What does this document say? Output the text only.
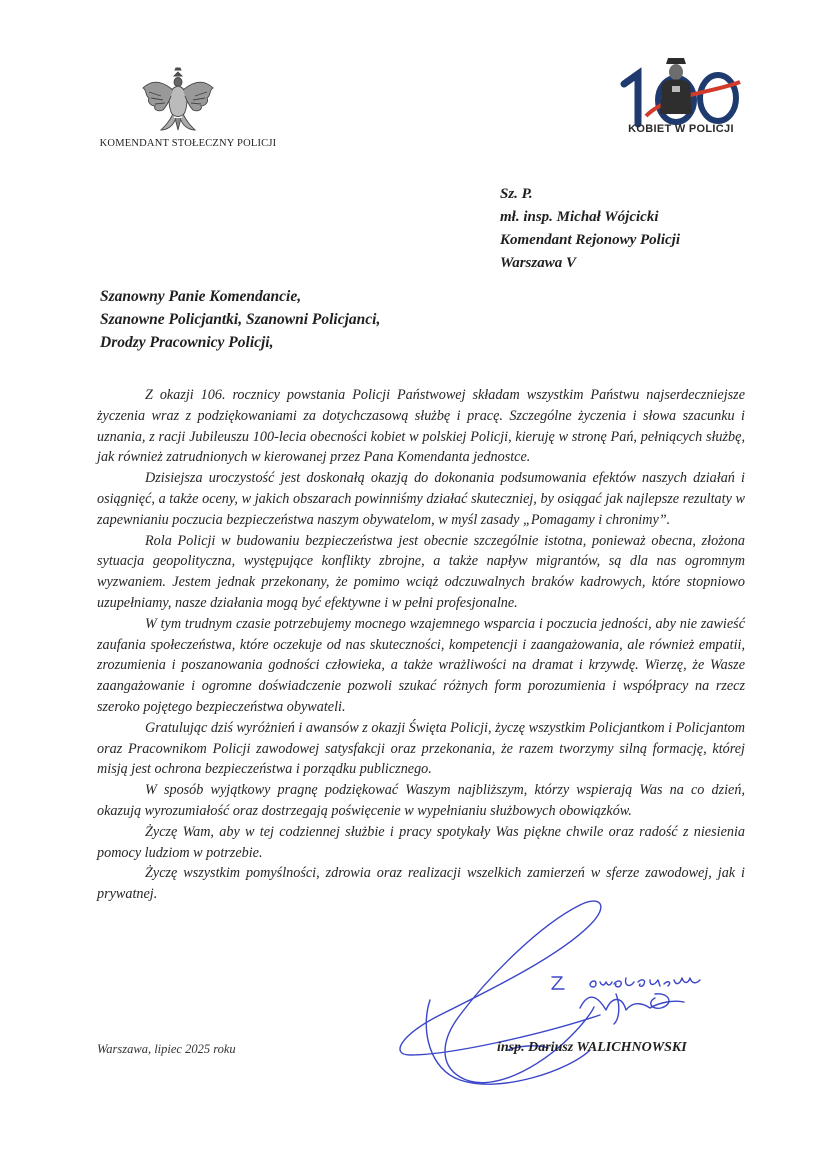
KOMENDANT STOŁECZNY POLICJI
KOBIET W POLICJI
Sz. P.
mł. insp. Michał Wójcicki
Komendant Rejonowy Policji
Warszawa V
Szanowny Panie Komendancie,
Szanowne Policjantki, Szanowni Policjanci,
Drodzy Pracownicy Policji,

Z okazji 106. rocznicy powstania Policji Państwowej składam wszystkim Państwu najserdeczniejsze życzenia wraz z podziękowaniami za dotychczasową służbę i pracę. Szczególne życzenia i słowa szacunku i uznania, z racji Jubileuszu 100-lecia obecności kobiet w polskiej Policji, kieruję w stronę Pań, pełniących służbę, jak również zatrudnionych w kierowanej przez Pana Komendanta jednostce.

Dzisiejsza uroczystość jest doskonałą okazją do dokonania podsumowania efektów naszych działań i osiągnięć, a także oceny, w jakich obszarach powinniśmy działać skuteczniej, by osiągać jak najlepsze rezultaty w zapewnianiu poczucia bezpieczeństwa naszym obywatelom, w myśl zasady „Pomagamy i chronimy”.

Rola Policji w budowaniu bezpieczeństwa jest obecnie szczególnie istotna, ponieważ obecna, złożona sytuacja geopolityczna, występujące konflikty zbrojne, a także napływ migrantów, są dla nas ogromnym wyzwaniem. Jestem jednak przekonany, że pomimo wciąż odczuwalnych braków kadrowych, które stopniowo uzupełniamy, nasze działania mogą być efektywne i w pełni profesjonalne.

W tym trudnym czasie potrzebujemy mocnego wzajemnego wsparcia i poczucia jedności, aby nie zawieść zaufania społeczeństwa, które oczekuje od nas skuteczności, kompetencji i zaangażowania, ale również empatii, zrozumienia i poszanowania godności człowieka, a także wrażliwości na dramat i krzywdę. Wierzę, że Wasze zaangażowanie i ogromne doświadczenie pozwoli szukać różnych form porozumienia i współpracy na rzecz szeroko pojętego bezpieczeństwa obywateli.

Gratulując dziś wyróżnień i awansów z okazji Święta Policji, życzę wszystkim Policjantkom i Policjantom oraz Pracownikom Policji zawodowej satysfakcji oraz przekonania, że razem tworzymy silną formację, której misją jest ochrona bezpieczeństwa i porządku publicznego.

W sposób wyjątkowy pragnę podziękować Waszym najbliższym, którzy wspierają Was na co dzień, okazują wyrozumiałość oraz dostrzegają poświęcenie w wypełnianiu służbowych obowiązków.

Życzę Wam, aby w tej codziennej służbie i pracy spotykały Was piękne chwile oraz radość z niesienia pomocy ludziom w potrzebie.

Życzę wszystkim pomyślności, zdrowia oraz realizacji wszelkich zamierzeń w sferze zawodowej, jak i prywatnej.

Warszawa, lipiec 2025 roku	insp. Dariusz WALICHNOWSKI
